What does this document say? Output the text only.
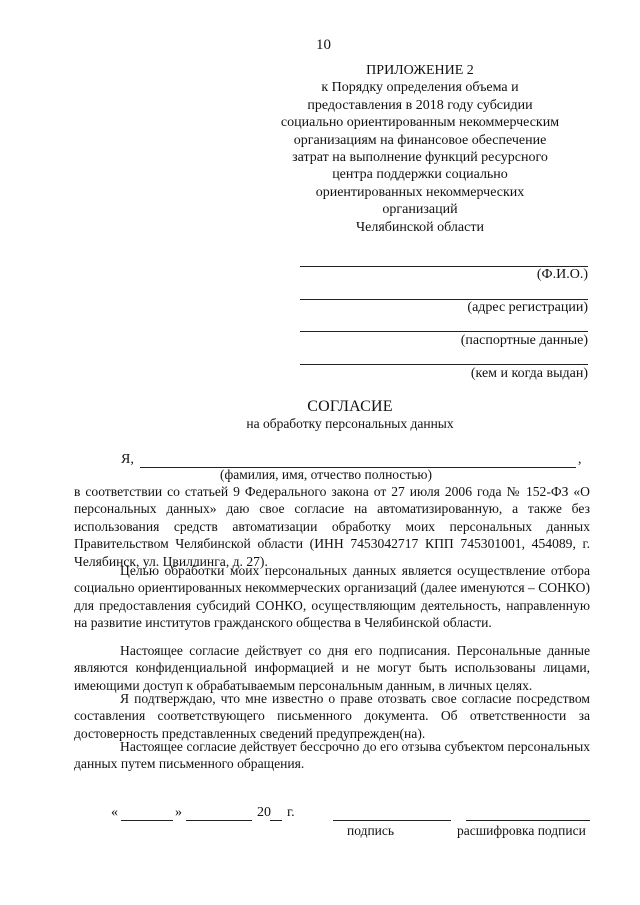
10
ПРИЛОЖЕНИЕ 2
к Порядку определения объема и
предоставления в 2018 году субсидии
социально ориентированным некоммерческим
организациям на финансовое обеспечение
затрат на выполнение функций ресурсного
центра поддержки социально
ориентированных некоммерческих
организаций
Челябинской области
(Ф.И.О.)
(адрес регистрации)
(паспортные данные)
(кем и когда выдан)
СОГЛАСИЕ
на обработку персональных данных
Я,	,
(фамилия, имя, отчество полностью)

в соответствии со статьей 9 Федерального закона от 27 июля 2006 года № 152-ФЗ «О персональных данных» даю свое согласие на автоматизированную, а также без использования средств автоматизации обработку моих персональных данных Правительством Челябинской области (ИНН 7453042717 КПП 745301001, 454089, г. Челябинск, ул. Цвиллинга, д. 27).

Целью обработки моих персональных данных является осуществление отбора социально ориентированных некоммерческих организаций (далее именуются – СОНКО) для предоставления субсидий СОНКО, осуществляющим деятельность, направленную на развитие институтов гражданского общества в Челябинской области.

Настоящее согласие действует со дня его подписания. Персональные данные являются конфиденциальной информацией и не могут быть использованы лицами, имеющими доступ к обрабатываемым персональным данным, в личных целях.

Я подтверждаю, что мне известно о праве отозвать свое согласие посредством составления соответствующего письменного документа. Об ответственности за достоверность представленных сведений предупрежден(на).

Настоящее согласие действует бессрочно до его отзыва субъектом персональных данных путем письменного обращения.

«	»	20 г.
подпись	расшифровка подписи
